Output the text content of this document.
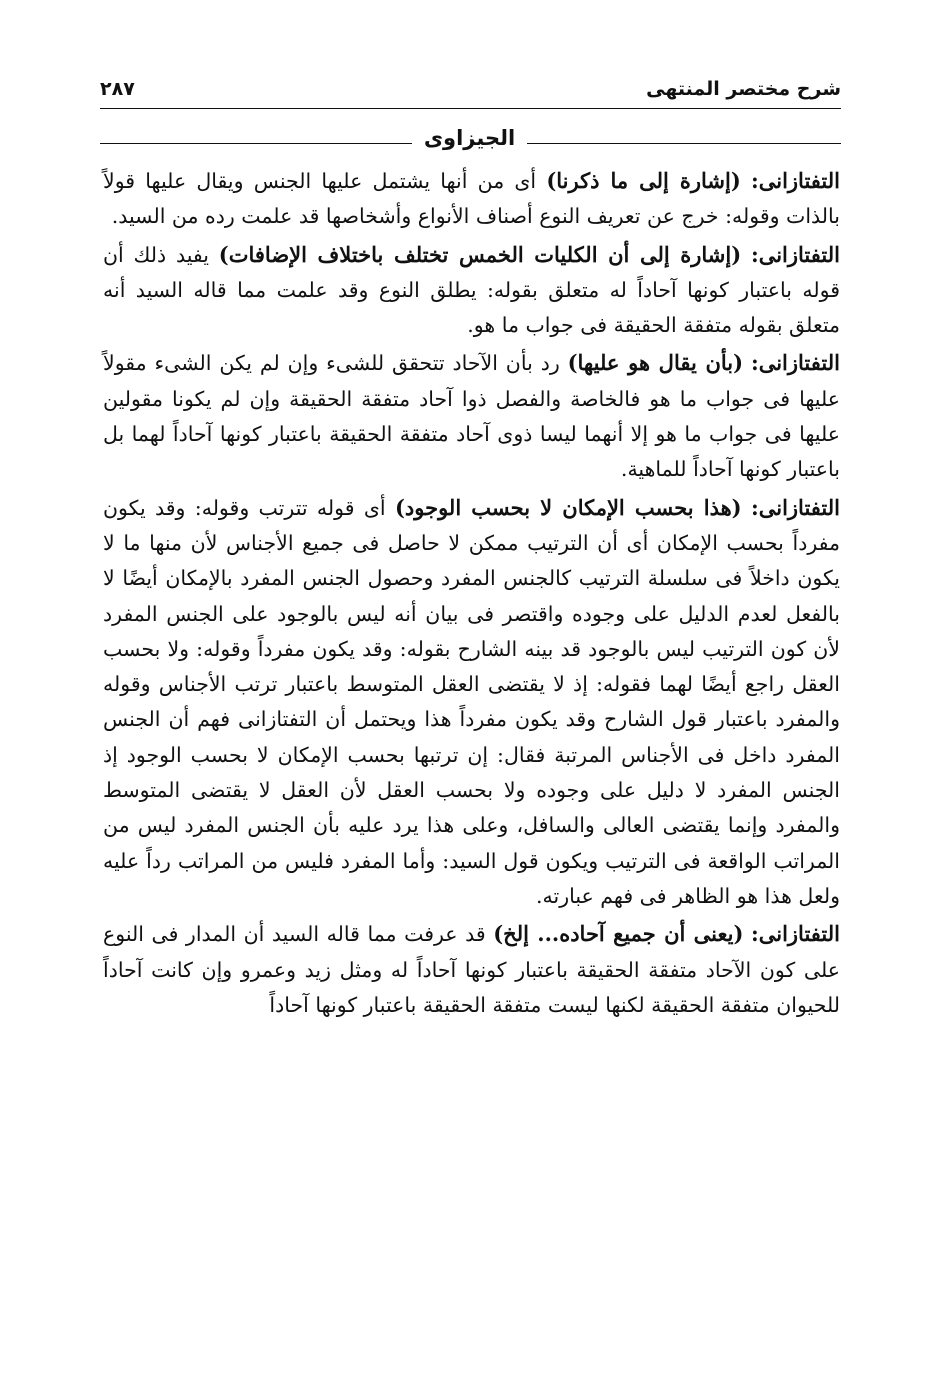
شرح مختصر المنتهى
٢٨٧
الجيزاوى

التفتازانى: (إشارة إلى ما ذكرنا) أى من أنها يشتمل عليها الجنس ويقال عليها قولاً بالذات وقوله: خرج عن تعريف النوع أصناف الأنواع وأشخاصها قد علمت رده من السيد.

التفتازانى: (إشارة إلى أن الكليات الخمس تختلف باختلاف الإضافات) يفيد ذلك أن قوله باعتبار كونها آحاداً له متعلق بقوله: يطلق النوع وقد علمت مما قاله السيد أنه متعلق بقوله متفقة الحقيقة فى جواب ما هو.

التفتازانى: (بأن يقال هو عليها) رد بأن الآحاد تتحقق للشىء وإن لم يكن الشىء مقولاً عليها فى جواب ما هو فالخاصة والفصل ذوا آحاد متفقة الحقيقة وإن لم يكونا مقولين عليها فى جواب ما هو إلا أنهما ليسا ذوى آحاد متفقة الحقيقة باعتبار كونها آحاداً لهما بل باعتبار كونها آحاداً للماهية.

التفتازانى: (هذا بحسب الإمكان لا بحسب الوجود) أى قوله تترتب وقوله: وقد يكون مفرداً بحسب الإمكان أى أن الترتيب ممكن لا حاصل فى جميع الأجناس لأن منها ما لا يكون داخلاً فى سلسلة الترتيب كالجنس المفرد وحصول الجنس المفرد بالإمكان أيضًا لا بالفعل لعدم الدليل على وجوده واقتصر فى بيان أنه ليس بالوجود على الجنس المفرد لأن كون الترتيب ليس بالوجود قد بينه الشارح بقوله: وقد يكون مفرداً وقوله: ولا بحسب العقل راجع أيضًا لهما فقوله: إذ لا يقتضى العقل المتوسط باعتبار ترتب الأجناس وقوله والمفرد باعتبار قول الشارح وقد يكون مفرداً هذا ويحتمل أن التفتازانى فهم أن الجنس المفرد داخل فى الأجناس المرتبة فقال: إن ترتبها بحسب الإمكان لا بحسب الوجود إذ الجنس المفرد لا دليل على وجوده ولا بحسب العقل لأن العقل لا يقتضى المتوسط والمفرد وإنما يقتضى العالى والسافل، وعلى هذا يرد عليه بأن الجنس المفرد ليس من المراتب الواقعة فى الترتيب ويكون قول السيد: وأما المفرد فليس من المراتب رداً عليه ولعل هذا هو الظاهر فى فهم عبارته.

التفتازانى: (يعنى أن جميع آحاده... إلخ) قد عرفت مما قاله السيد أن المدار فى النوع على كون الآحاد متفقة الحقيقة باعتبار كونها آحاداً له ومثل زيد وعمرو وإن كانت آحاداً للحيوان متفقة الحقيقة لكنها ليست متفقة الحقيقة باعتبار كونها آحاداً
